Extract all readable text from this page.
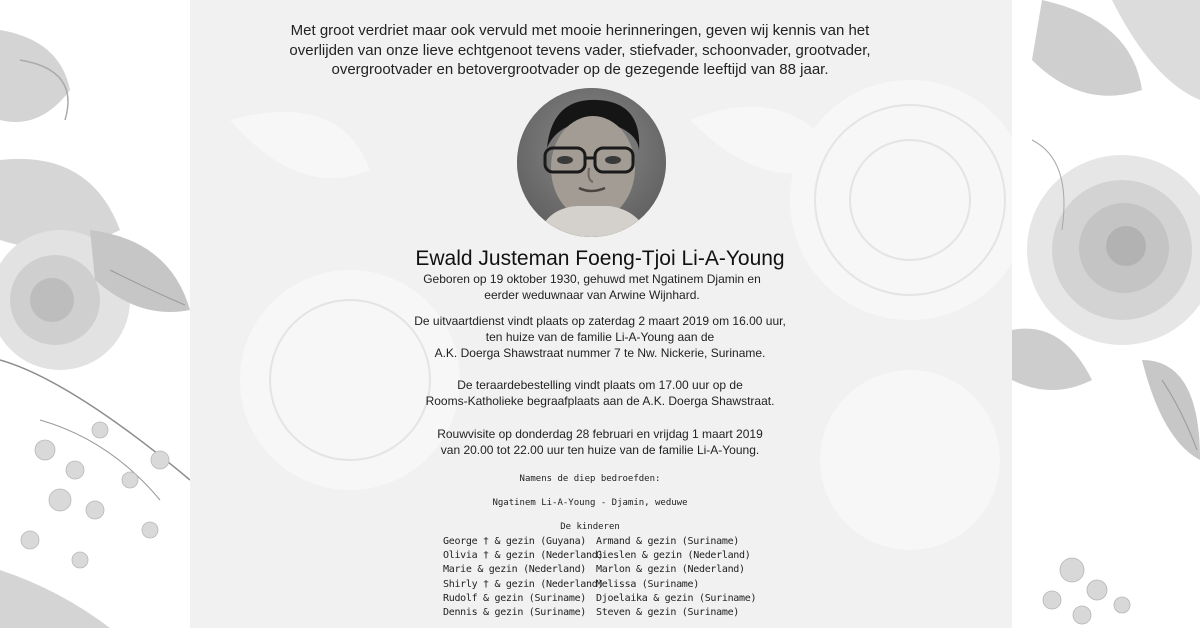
Met groot verdriet maar ook vervuld met mooie herinneringen, geven wij kennis van het
overlijden van onze lieve echtgenoot tevens vader, stiefvader, schoonvader, grootvader,
overgrootvader en betovergrootvader op de gezegende leeftijd van 88 jaar.
Ewald Justeman Foeng-Tjoi Li-A-Young
Geboren op 19 oktober 1930, gehuwd met Ngatinem Djamin en
eerder weduwnaar van Arwine Wijnhard.
De uitvaartdienst vindt plaats op zaterdag 2 maart 2019 om 16.00 uur,
ten huize van de familie Li-A-Young aan de
A.K. Doerga Shawstraat nummer 7 te Nw. Nickerie, Suriname.
De teraardebestelling vindt plaats om 17.00 uur op de
Rooms-Katholieke begraafplaats aan de A.K. Doerga Shawstraat.
Rouwvisite op donderdag 28 februari en vrijdag 1 maart 2019
van 20.00 tot 22.00 uur ten huize van de familie Li-A-Young.
Namens de diep bedroefden:
Ngatinem Li-A-Young - Djamin, weduwe
De kinderen
George † & gezin (Guyana)
Olivia † & gezin (Nederland)
Marie & gezin (Nederland)
Shirly † & gezin (Nederland)
Rudolf & gezin (Suriname)
Dennis & gezin (Suriname)
Armand & gezin (Suriname)
Gieslen & gezin (Nederland)
Marlon & gezin (Nederland)
Melissa (Suriname)
Djoelaika & gezin (Suriname)
Steven & gezin (Suriname)
